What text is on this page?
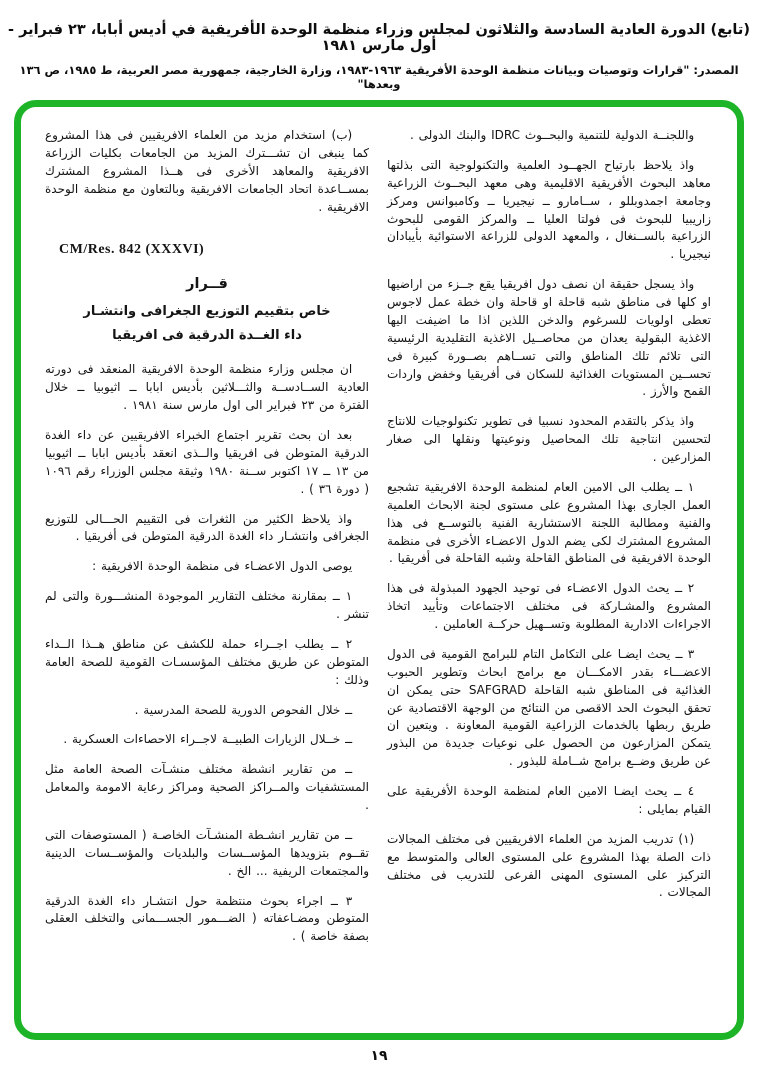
(تابع) الدورة العادية السادسة والثلاثون لمجلس وزراء منظمة الوحدة الأفريقية في أديس أبابا، ٢٣ فبراير - أول مارس ١٩٨١
المصدر: "قرارات وتوصيات وبيانات منظمة الوحدة الأفريقية ١٩٦٣-١٩٨٣، وزارة الخارجية، جمهورية مصر العربية، ط ١٩٨٥، ص ١٣٦ وبعدها"

واللجنــة الدولية للتنمية والبحــوث IDRC والبنك الدولى .

واذ يلاحظ بارتياح الجهــود العلمية والتكنولوجية التى بذلتها معاهد البحوث الأفريقية الاقليمية وهى معهد البحــوث الزراعية وجامعة اجمدوبللو ، ســامارو ــ نيجيريا ــ وكامبوانس ومركز زاريبيا للبحوث فى فولتا العليا ــ والمركز القومى للبحوث الزراعية بالســنغال ، والمعهد الدولى للزراعة الاستوائية بأيبادان نيجيريا .

واذ يسجل حقيقة ان نصف دول افريقيا يقع جــزء من اراضيها او كلها فى مناطق شبه قاحلة او قاحلة وان خطة عمل لاجوس تعطى اولويات للسرغوم والدخن اللذين اذا ما اضيفت اليها الاغذية البقولية يعدان من محاصــيل الاغذية التقليدية الرئيسية التى تلائم تلك المناطق والتى تســاهم بصــورة كبيرة فى تحســين المستويات الغذائية للسكان فى أفريقيا وخفض واردات القمح والأرز .

واذ يذكر بالتقدم المحدود نسبيا فى تطوير تكنولوجيات للانتاج لتحسين انتاجية تلك المحاصيل ونوعيتها ونقلها الى صغار المزارعين .

١ ــ يطلب الى الامين العام لمنظمة الوحدة الافريقية تشجيع العمل الجارى بهذا المشروع على مستوى لجنة الابحاث العلمية والفنية ومطالبة اللجنة الاستشارية الفنية بالتوســع فى هذا المشروع المشترك لكى يضم الدول الاعضـاء الأخرى فى منظمة الوحدة الافريقية فى المناطق القاحلة وشبه القاحلة فى أفريقيا .

٢ ــ يحث الدول الاعضـاء فى توحيد الجهود المبذولة فى هذا المشروع والمشـاركة فى مختلف الاجتماعات وتأييد اتخاذ الاجراءات الادارية المطلوبة وتســهيل حركــة العاملين .

٣ ــ يحث ايضـا على التكامل التام للبرامج القومية فى الدول الاعضـــاء بقدر الامكـــان مع برامج ابحاث وتطوير الحبوب الغذائية فى المناطق شبه القاحلة SAFGRAD حتى يمكن ان تحقق البحوث الحد الاقصى من النتائج من الوجهة الاقتصادية عن طريق ربطها بالخدمات الزراعية القومية المعاونة . ويتعين ان يتمكن المزارعون من الحصول على نوعيات جديدة من البذور عن طريق وضــع برامج شــاملة للبذور .

٤ ــ يحث ايضـا الامين العام لمنظمة الوحدة الأفريقية على القيام بمايلى :

(١) تدريب المزيد من العلماء الافريقيين فى مختلف المجالات ذات الصلة بهذا المشروع على المستوى العالى والمتوسط مع التركيز على المستوى المهنى الفرعى للتدريب فى مختلف المجالات .

(ب) استخدام مزيد من العلماء الافريقيين فى هذا المشروع كما ينبغى ان تشـــترك المزيد من الجامعات بكليات الزراعة الافريقية والمعاهد الأخرى فى هــذا المشروع المشترك بمســاعدة اتحاد الجامعات الافريقية وبالتعاون مع منظمة الوحدة الافريقية .

CM/Res. 842 (XXXVI)
قــرار
خاص بتقييم التوزيع الجغرافى وانتشـار
داء الغــدة الدرقية فى افريقيا

ان مجلس وزارء منظمة الوحدة الافريقية المنعقد فى دورته العادية الســادســة والثـــلاثين بأديس ابابا ــ اثيوبيا ــ خلال الفترة من ٢٣ فبراير الى اول مارس سنة ١٩٨١ .

بعد ان بحث تقرير اجتماع الخبراء الافريقيين عن داء الغدة الدرقية المتوطن فى افريقيا والــذى انعقد بأديس ابابا ــ اثيوبيا من ١٣ ــ ١٧ اكتوبر ســنة ١٩٨٠ وثيقة مجلس الوزراء رقم ١٠٩٦ ( دورة ٣٦ ) .

واذ يلاحظ الكثير من الثغرات فى التقييم الحـــالى للتوزيع الجغرافى وانتشـار داء الغدة الدرقية المتوطن فى أفريقيا .

يوصى الدول الاعضـاء فى منظمة الوحدة الافريقية :

١ ــ بمقارنة مختلف التقارير الموجودة المنشـــورة والتى لم تنشر .

٢ ــ يطلب اجــراء حملة للكشف عن مناطق هــذا الــداء المتوطن عن طريق مختلف المؤسسـات القومية للصحة العامة وذلك :

ــ خلال الفحوص الدورية للصحة المدرسية .

ــ خــلال الزيارات الطبيــة لاجــراء الاحصاءات العسكرية .

ــ من تقارير انشطة مختلف منشـآت الصحة العامة مثل المستشفيات والمــراكز الصحية ومراكز رعاية الامومة والمعامل .

ــ من تقارير انشـطة المنشـآت الخاصـة ( المستوصفات التى تقــوم بتزويدها المؤســسات والبلديات والمؤســسات الدينية والمجتمعات الريفية ... الخ .

٣ ــ اجراء بحوث منتظمة حول انتشـار داء الغدة الدرقية المتوطن ومضـاعفاته ( الضـــمور الجســـمانى والتخلف العقلى بصفة خاصة ) .

١٩
